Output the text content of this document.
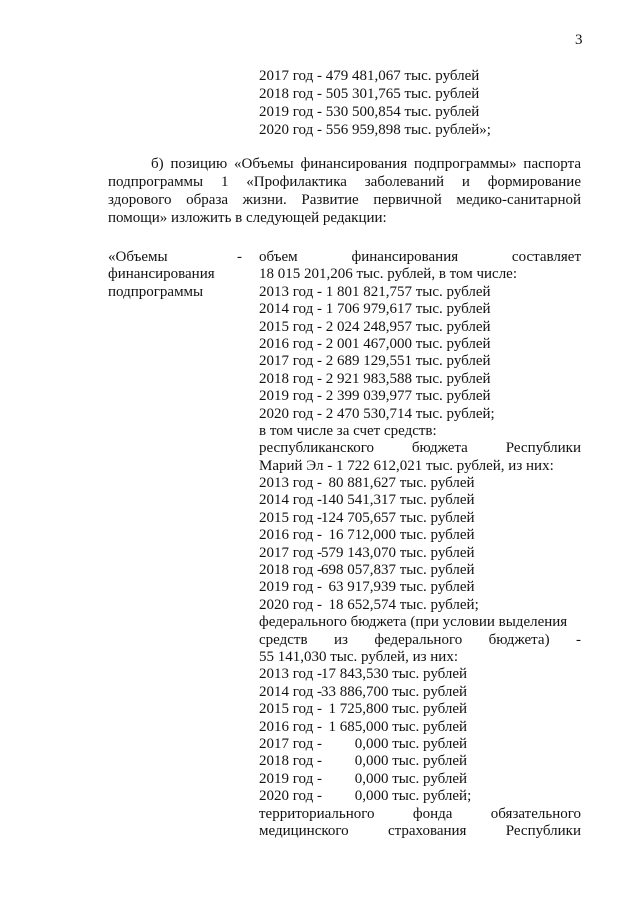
3
2017 год - 479 481,067 тыс. рублей
2018 год - 505 301,765 тыс. рублей
2019 год - 530 500,854 тыс. рублей
2020 год - 556 959,898 тыс. рублей»;
б) позицию «Объемы финансирования подпрограммы» паспорта
подпрограммы 1 «Профилактика заболеваний и формирование
здорового образа жизни. Развитие первичной медико-санитарной
помощи» изложить в следующей редакции:
«Объемы
финансирования
подпрограммы
- объем финансирования составляет
18 015 201,206 тыс. рублей, в том числе:
2013 год - 1 801 821,757 тыс. рублей
2014 год - 1 706 979,617 тыс. рублей
2015 год - 2 024 248,957 тыс. рублей
2016 год - 2 001 467,000 тыс. рублей
2017 год - 2 689 129,551 тыс. рублей
2018 год - 2 921 983,588 тыс. рублей
2019 год - 2 399 039,977 тыс. рублей
2020 год - 2 470 530,714 тыс. рублей;
в том числе за счет средств:
республиканского бюджета Республики
Марий Эл - 1 722 612,021 тыс. рублей, из них:
2013 год -  80 881,627 тыс. рублей
2014 год -140 541,317 тыс. рублей
2015 год -124 705,657 тыс. рублей
2016 год -  16 712,000 тыс. рублей
2017 год -579 143,070 тыс. рублей
2018 год -698 057,837 тыс. рублей
2019 год -  63 917,939 тыс. рублей
2020 год -  18 652,574 тыс. рублей;
федерального бюджета (при условии выделения
средств из федерального бюджета) -
55 141,030 тыс. рублей, из них:
2013 год -17 843,530 тыс. рублей
2014 год -33 886,700 тыс. рублей
2015 год -  1 725,800 тыс. рублей
2016 год -  1 685,000 тыс. рублей
2017 год -         0,000 тыс. рублей
2018 год -         0,000 тыс. рублей
2019 год -         0,000 тыс. рублей
2020 год -         0,000 тыс. рублей;
территориального фонда обязательного
медицинского страхования Республики
